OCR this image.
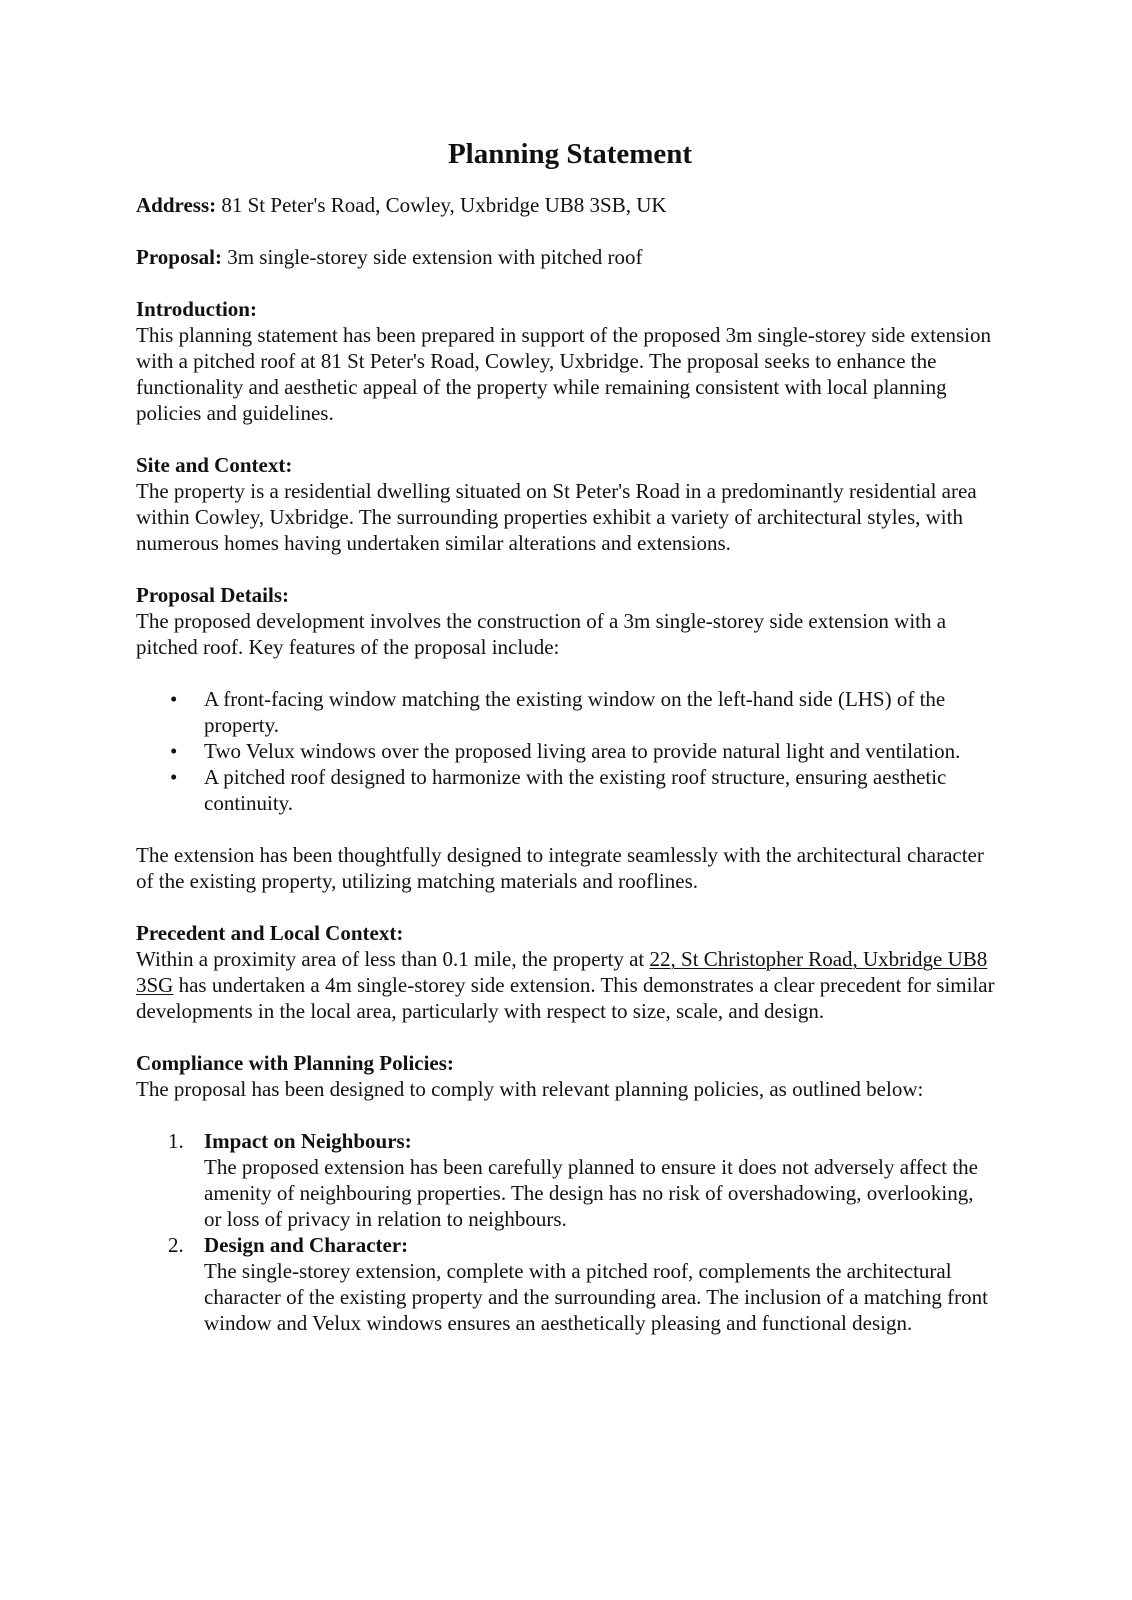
Planning Statement
Address: 81 St Peter's Road, Cowley, Uxbridge UB8 3SB, UK
Proposal: 3m single-storey side extension with pitched roof
Introduction:

This planning statement has been prepared in support of the proposed 3m single-storey side extension with a pitched roof at 81 St Peter's Road, Cowley, Uxbridge. The proposal seeks to enhance the functionality and aesthetic appeal of the property while remaining consistent with local planning policies and guidelines.

Site and Context:

The property is a residential dwelling situated on St Peter's Road in a predominantly residential area within Cowley, Uxbridge. The surrounding properties exhibit a variety of architectural styles, with numerous homes having undertaken similar alterations and extensions.

Proposal Details:

The proposed development involves the construction of a 3m single-storey side extension with a pitched roof. Key features of the proposal include:

• A front-facing window matching the existing window on the left-hand side (LHS) of the property.
• Two Velux windows over the proposed living area to provide natural light and ventilation.
• A pitched roof designed to harmonize with the existing roof structure, ensuring aesthetic continuity.

The extension has been thoughtfully designed to integrate seamlessly with the architectural character of the existing property, utilizing matching materials and rooflines.

Precedent and Local Context:

Within a proximity area of less than 0.1 mile, the property at 22, St Christopher Road, Uxbridge UB8 3SG has undertaken a 4m single-storey side extension. This demonstrates a clear precedent for similar developments in the local area, particularly with respect to size, scale, and design.

Compliance with Planning Policies:

The proposal has been designed to comply with relevant planning policies, as outlined below:

1. Impact on Neighbours:
The proposed extension has been carefully planned to ensure it does not adversely affect the amenity of neighbouring properties. The design has no risk of overshadowing, overlooking, or loss of privacy in relation to neighbours.
2. Design and Character:
The single-storey extension, complete with a pitched roof, complements the architectural character of the existing property and the surrounding area. The inclusion of a matching front window and Velux windows ensures an aesthetically pleasing and functional design.
